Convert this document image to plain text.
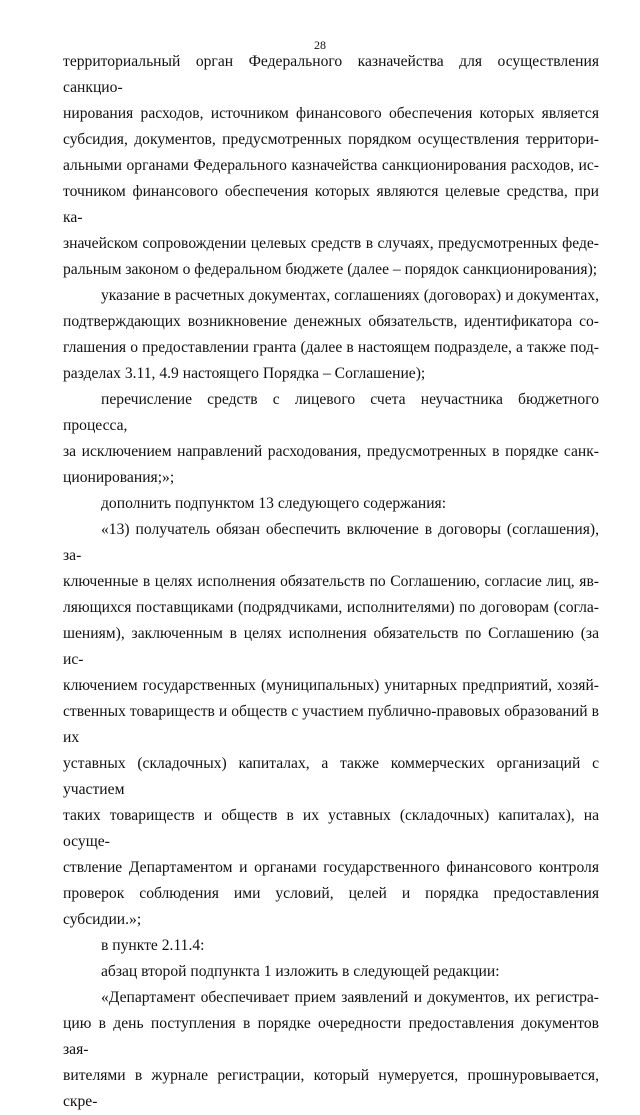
28

территориальный орган Федерального казначейства для осуществления санкцио-
нирования расходов, источником финансового обеспечения которых является
субсидия, документов, предусмотренных порядком осуществления территори-
альными органами Федерального казначейства санкционирования расходов, ис-
точником финансового обеспечения которых являются целевые средства, при ка-
значейском сопровождении целевых средств в случаях, предусмотренных феде-
ральным законом о федеральном бюджете (далее – порядок санкционирования);

указание в расчетных документах, соглашениях (договорах) и документах,
подтверждающих возникновение денежных обязательств, идентификатора со-
глашения о предоставлении гранта (далее в настоящем подразделе, а также под-
разделах 3.11, 4.9 настоящего Порядка – Соглашение);

перечисление средств с лицевого счета неучастника бюджетного процесса,
за исключением направлений расходования, предусмотренных в порядке санк-
ционирования;»;

дополнить подпунктом 13 следующего содержания:

«13) получатель обязан обеспечить включение в договоры (соглашения), за-
ключенные в целях исполнения обязательств по Соглашению, согласие лиц, яв-
ляющихся поставщиками (подрядчиками, исполнителями) по договорам (согла-
шениям), заключенным в целях исполнения обязательств по Соглашению (за ис-
ключением государственных (муниципальных) унитарных предприятий, хозяй-
ственных товариществ и обществ с участием публично-правовых образований в их
уставных (складочных) капиталах, а также коммерческих организаций с участием
таких товариществ и обществ в их уставных (складочных) капиталах), на осуще-
ствление Департаментом и органами государственного финансового контроля
проверок соблюдения ими условий, целей и порядка предоставления субсидии.»;

в пункте 2.11.4:

абзац второй подпункта 1 изложить в следующей редакции:

«Департамент обеспечивает прием заявлений и документов, их регистра-
цию в день поступления в порядке очередности предоставления документов зая-
вителями в журнале регистрации, который нумеруется, прошнуровывается, скре-
